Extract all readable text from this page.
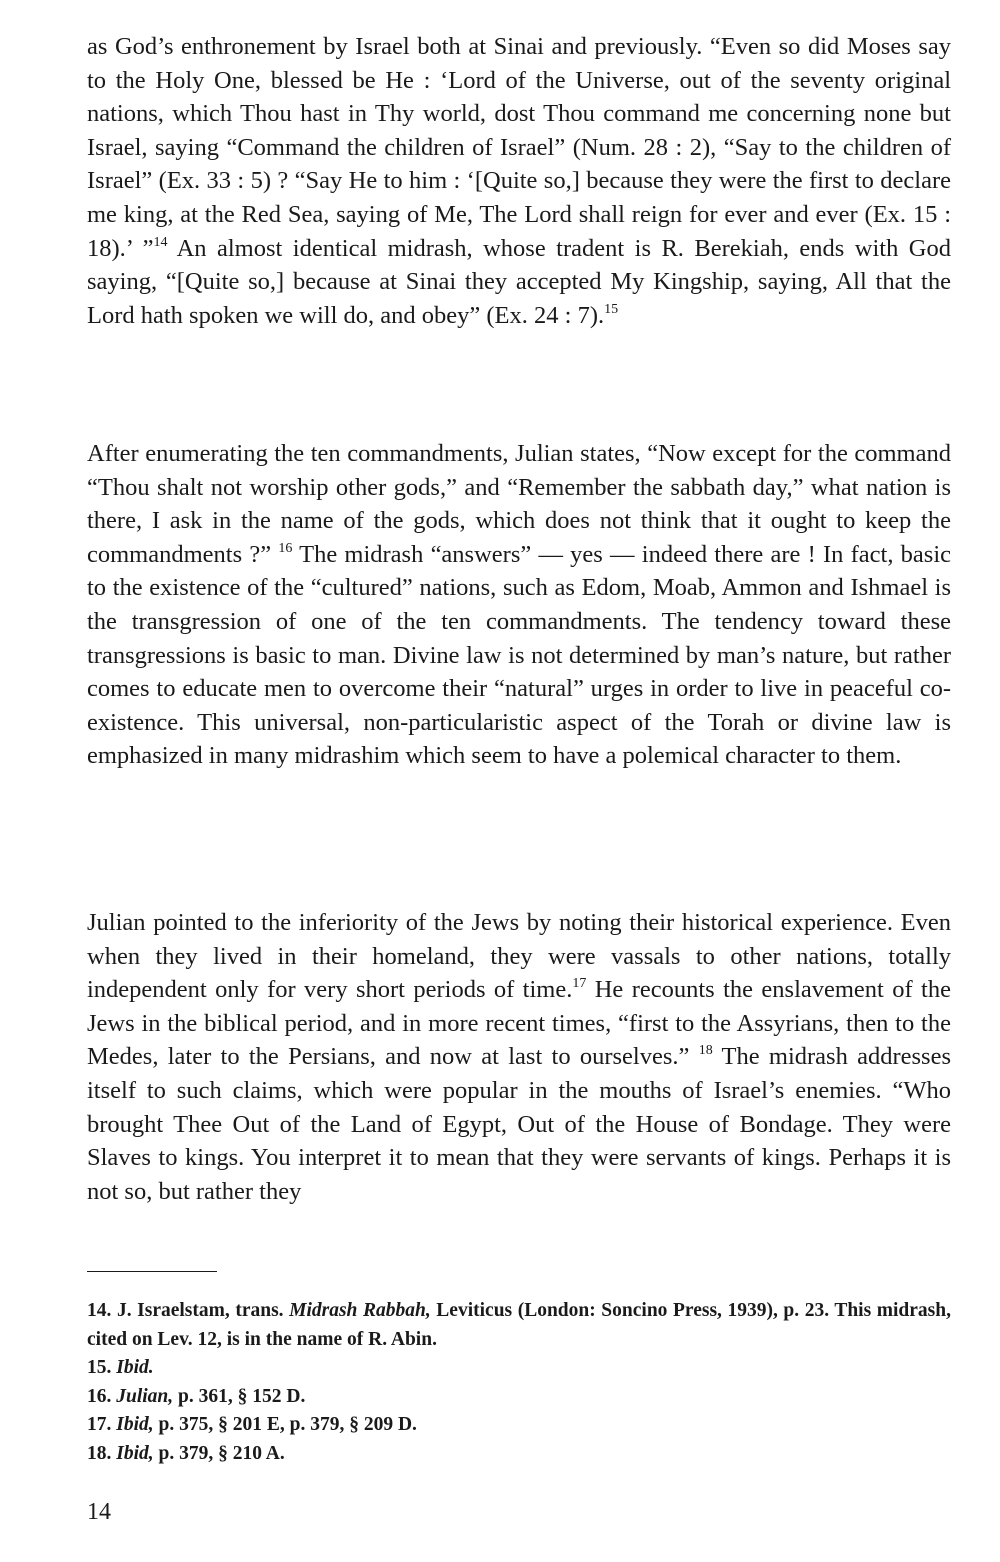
as God’s enthronement by Israel both at Sinai and previously. “Even so did Moses say to the Holy One, blessed be He : ‘Lord of the Universe, out of the seventy original nations, which Thou hast in Thy world, dost Thou command me concerning none but Israel, saying “Command the children of Israel” (Num. 28 : 2), “Say to the children of Israel” (Ex. 33 : 5) ? “Say He to him : ‘[Quite so,] because they were the first to declare me king, at the Red Sea, saying of Me, The Lord shall reign for ever and ever (Ex. 15 : 18).’ ”$^{14}$ An almost identical midrash, whose tradent is R. Berekiah, ends with God saying, “[Quite so,] because at Sinai they accepted My Kingship, saying, All that the Lord hath spoken we will do, and obey” (Ex. 24 : 7).$^{15}$

After enumerating the ten commandments, Julian states, “Now except for the command “Thou shalt not worship other gods,” and “Remember the sabbath day,” what nation is there, I ask in the name of the gods, which does not think that it ought to keep the commandments ?” $^{16}$ The midrash “answers” — yes — indeed there are ! In fact, basic to the existence of the “cultured” nations, such as Edom, Moab, Ammon and Ishmael is the transgression of one of the ten commandments. The tendency toward these transgressions is basic to man. Divine law is not determined by man’s nature, but rather comes to educate men to overcome their “natural” urges in order to live in peaceful co-existence. This universal, non-particularistic aspect of the Torah or divine law is emphasized in many midrashim which seem to have a polemical character to them.

Julian pointed to the inferiority of the Jews by noting their historical experience. Even when they lived in their homeland, they were vassals to other nations, totally independent only for very short periods of time.$^{17}$ He recounts the enslavement of the Jews in the biblical period, and in more recent times, “first to the Assyrians, then to the Medes, later to the Persians, and now at last to ourselves.” $^{18}$ The midrash addresses itself to such claims, which were popular in the mouths of Israel’s enemies. “Who brought Thee Out of the Land of Egypt, Out of the House of Bondage. They were Slaves to kings. You interpret it to mean that they were servants of kings. Perhaps it is not so, but rather they

14. J. Israelstam, trans. Midrash Rabbah, Leviticus (London: Soncino Press, 1939), p. 23. This midrash, cited on Lev. 12, is in the name of R. Abin.

15. Ibid.

16. Julian, p. 361, § 152 D.

17. Ibid, p. 375, § 201 E, p. 379, § 209 D.

18. Ibid, p. 379, § 210 A.

14
